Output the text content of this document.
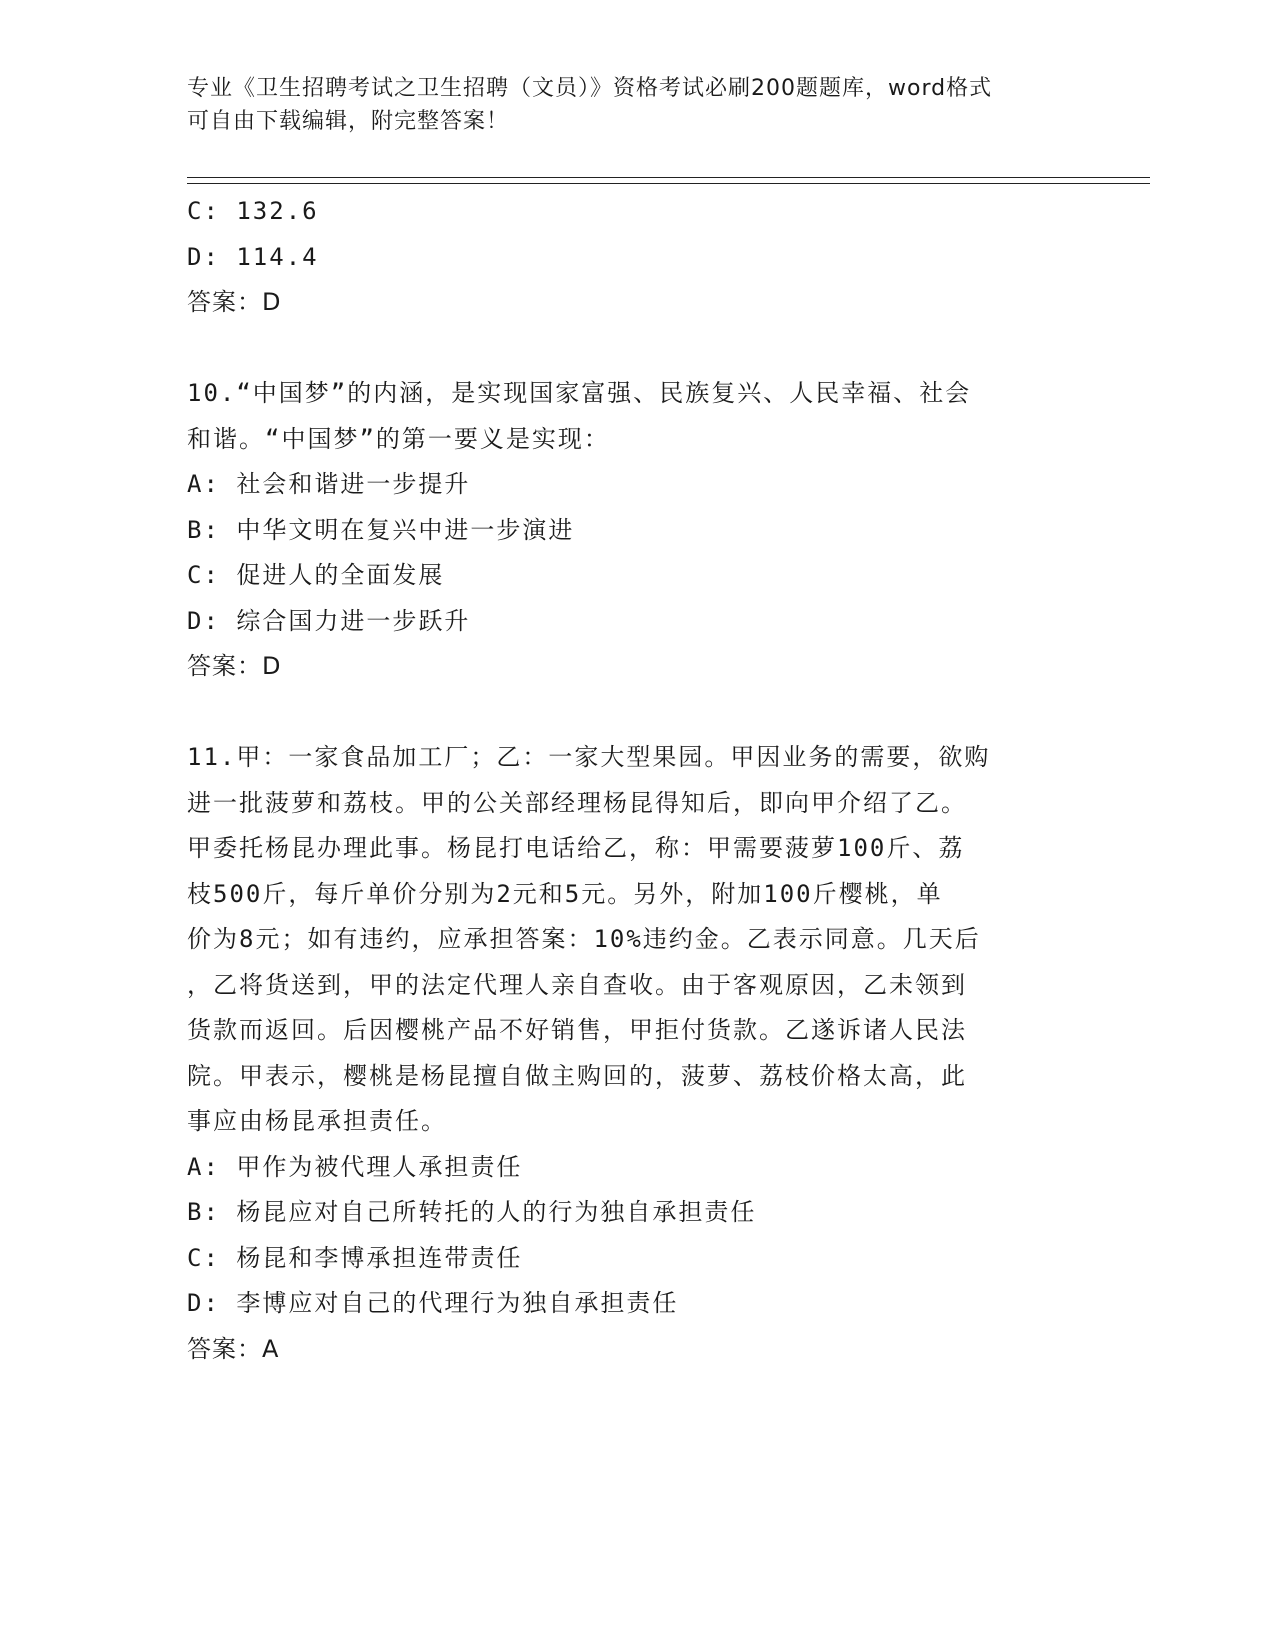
专业《卫生招聘考试之卫生招聘（文员）》资格考试必刷200题题库，word格式
可自由下载编辑，附完整答案！
C: 132.6
D: 114.4
答案：D
10.“中国梦”的内涵，是实现国家富强、民族复兴、人民幸福、社会
和谐。“中国梦”的第一要义是实现：
A: 社会和谐进一步提升
B: 中华文明在复兴中进一步演进
C: 促进人的全面发展
D: 综合国力进一步跃升
答案：D
11.甲：一家食品加工厂；乙：一家大型果园。甲因业务的需要，欲购
进一批菠萝和荔枝。甲的公关部经理杨昆得知后，即向甲介绍了乙。
甲委托杨昆办理此事。杨昆打电话给乙，称：甲需要菠萝100斤、荔
枝500斤，每斤单价分别为2元和5元。另外，附加100斤樱桃，单
价为8元；如有违约，应承担答案：10%违约金。乙表示同意。几天后
，乙将货送到，甲的法定代理人亲自查收。由于客观原因，乙未领到
货款而返回。后因樱桃产品不好销售，甲拒付货款。乙遂诉诸人民法
院。甲表示，樱桃是杨昆擅自做主购回的，菠萝、荔枝价格太高，此
事应由杨昆承担责任。
A: 甲作为被代理人承担责任
B: 杨昆应对自己所转托的人的行为独自承担责任
C: 杨昆和李博承担连带责任
D: 李博应对自己的代理行为独自承担责任
答案：A
